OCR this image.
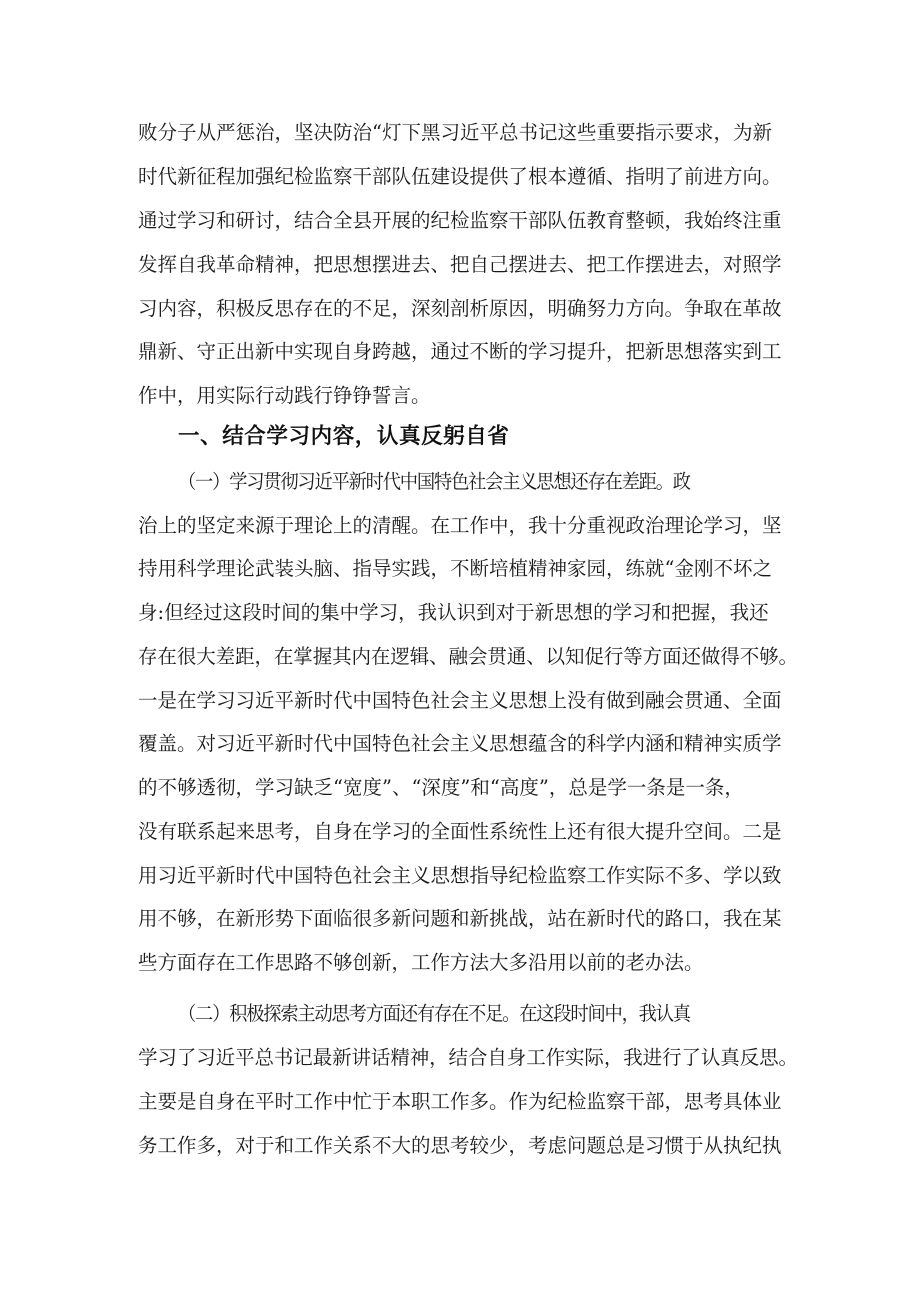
败分子从严惩治，坚决防治“灯下黑习近平总书记这些重要指示要求，为新
时代新征程加强纪检监察干部队伍建设提供了根本遵循、指明了前进方向。
通过学习和研讨，结合全县开展的纪检监察干部队伍教育整顿，我始终注重
发挥自我革命精神，把思想摆进去、把自己摆进去、把工作摆进去，对照学
习内容，积极反思存在的不足，深刻剖析原因，明确努力方向。争取在革故
鼎新、守正出新中实现自身跨越，通过不断的学习提升，把新思想落实到工
作中，用实际行动践行铮铮誓言。
一、结合学习内容，认真反躬自省
（一）学习贯彻习近平新时代中国特色社会主义思想还存在差距。政
治上的坚定来源于理论上的清醒。在工作中，我十分重视政治理论学习，坚
持用科学理论武装头脑、指导实践，不断培植精神家园，练就“金刚不坏之
身:但经过这段时间的集中学习，我认识到对于新思想的学习和把握，我还
存在很大差距，在掌握其内在逻辑、融会贯通、以知促行等方面还做得不够。
一是在学习习近平新时代中国特色社会主义思想上没有做到融会贯通、全面
覆盖。对习近平新时代中国特色社会主义思想蕴含的科学内涵和精神实质学
的不够透彻，学习缺乏“宽度”、“深度”和“高度”，总是学一条是一条，
没有联系起来思考，自身在学习的全面性系统性上还有很大提升空间。二是
用习近平新时代中国特色社会主义思想指导纪检监察工作实际不多、学以致
用不够，在新形势下面临很多新问题和新挑战，站在新时代的路口，我在某
些方面存在工作思路不够创新，工作方法大多沿用以前的老办法。
（二）积极探索主动思考方面还有存在不足。在这段时间中，我认真
学习了习近平总书记最新讲话精神，结合自身工作实际，我进行了认真反思。
主要是自身在平时工作中忙于本职工作多。作为纪检监察干部，思考具体业
务工作多，对于和工作关系不大的思考较少，考虑问题总是习惯于从执纪执
